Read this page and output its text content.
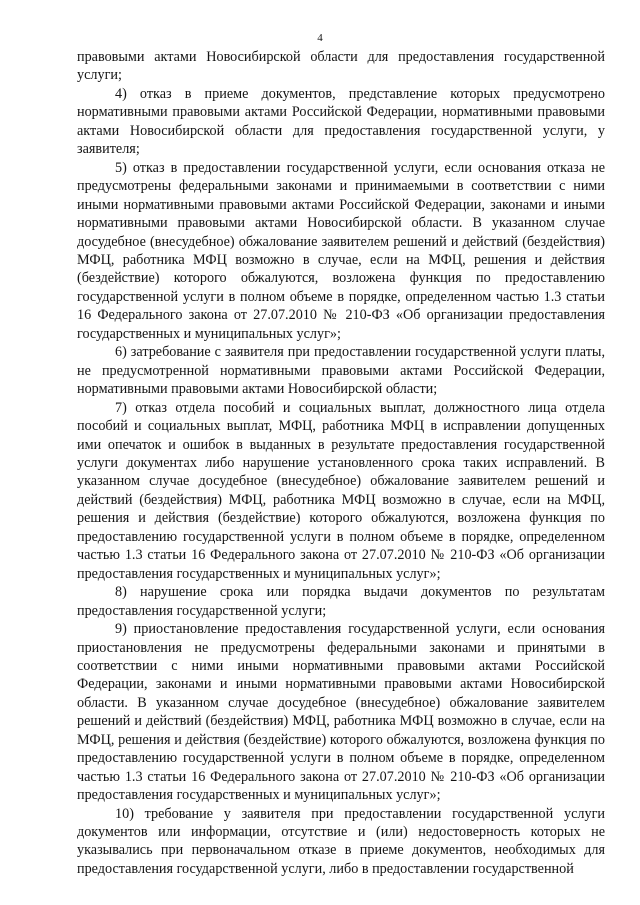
4

правовыми актами Новосибирской области для предоставления государственной услуги;

4) отказ в приеме документов, представление которых предусмотрено нормативными правовыми актами Российской Федерации, нормативными правовыми актами Новосибирской области для предоставления государственной услуги, у заявителя;

5) отказ в предоставлении государственной услуги, если основания отказа не предусмотрены федеральными законами и принимаемыми в соответствии с ними иными нормативными правовыми актами Российской Федерации, законами и иными нормативными правовыми актами Новосибирской области. В указанном случае досудебное (внесудебное) обжалование заявителем решений и действий (бездействия) МФЦ, работника МФЦ возможно в случае, если на МФЦ, решения и действия (бездействие) которого обжалуются, возложена функция по предоставлению государственной услуги в полном объеме в порядке, определенном частью 1.3 статьи 16 Федерального закона от 27.07.2010 № 210-ФЗ «Об организации предоставления государственных и муниципальных услуг»;

6) затребование с заявителя при предоставлении государственной услуги платы, не предусмотренной нормативными правовыми актами Российской Федерации, нормативными правовыми актами Новосибирской области;

7) отказ отдела пособий и социальных выплат, должностного лица отдела пособий и социальных выплат, МФЦ, работника МФЦ в исправлении допущенных ими опечаток и ошибок в выданных в результате предоставления государственной услуги документах либо нарушение установленного срока таких исправлений. В указанном случае досудебное (внесудебное) обжалование заявителем решений и действий (бездействия) МФЦ, работника МФЦ возможно в случае, если на МФЦ, решения и действия (бездействие) которого обжалуются, возложена функция по предоставлению государственной услуги в полном объеме в порядке, определенном частью 1.3 статьи 16 Федерального закона от 27.07.2010 № 210-ФЗ «Об организации предоставления государственных и муниципальных услуг»;

8) нарушение срока или порядка выдачи документов по результатам предоставления государственной услуги;

9) приостановление предоставления государственной услуги, если основания приостановления не предусмотрены федеральными законами и принятыми в соответствии с ними иными нормативными правовыми актами Российской Федерации, законами и иными нормативными правовыми актами Новосибирской области. В указанном случае досудебное (внесудебное) обжалование заявителем решений и действий (бездействия) МФЦ, работника МФЦ возможно в случае, если на МФЦ, решения и действия (бездействие) которого обжалуются, возложена функция по предоставлению государственной услуги в полном объеме в порядке, определенном частью 1.3 статьи 16 Федерального закона от 27.07.2010 № 210-ФЗ «Об организации предоставления государственных и муниципальных услуг»;

10) требование у заявителя при предоставлении государственной услуги документов или информации, отсутствие и (или) недостоверность которых не указывались при первоначальном отказе в приеме документов, необходимых для предоставления государственной услуги, либо в предоставлении государственной
